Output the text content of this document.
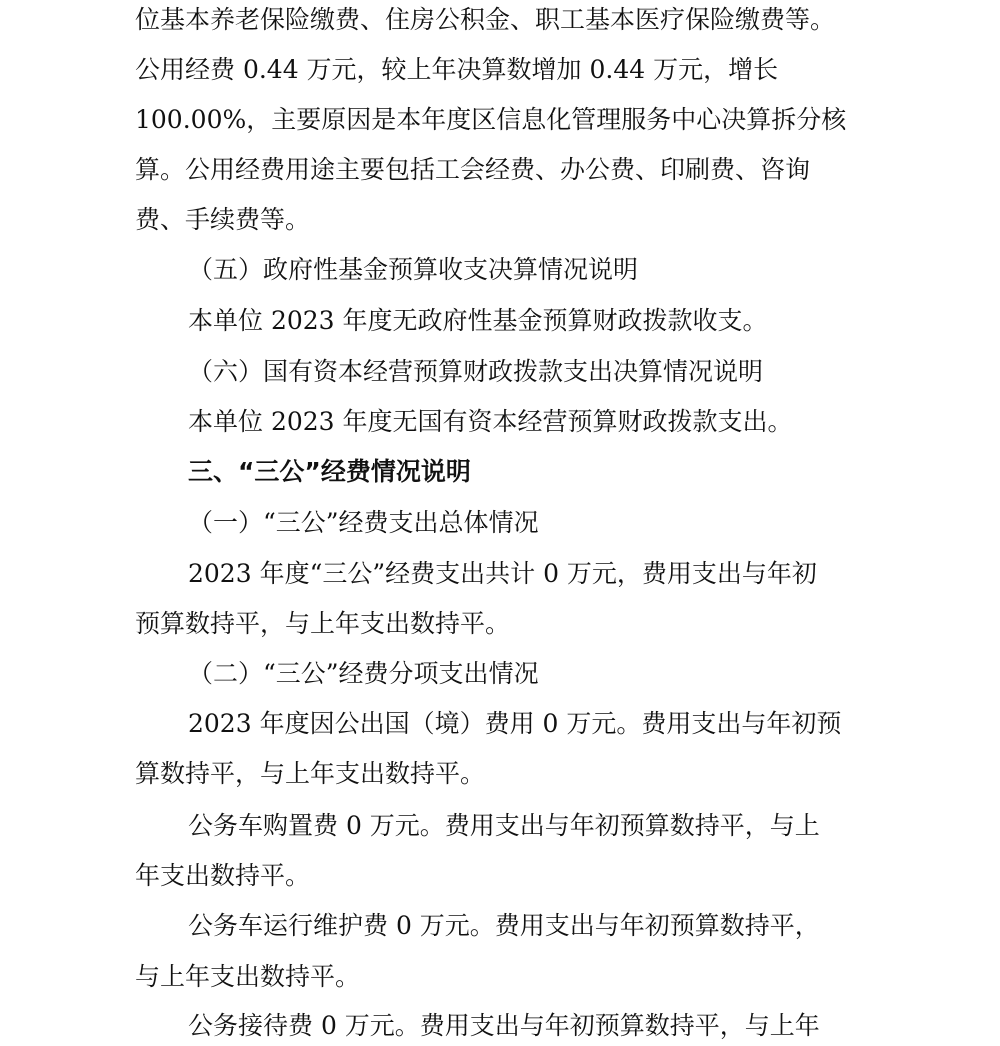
位基本养老保险缴费、住房公积金、职工基本医疗保险缴费等。
公用经费 0.44 万元，较上年决算数增加 0.44 万元，增长
100.00%，主要原因是本年度区信息化管理服务中心决算拆分核
算。公用经费用途主要包括工会经费、办公费、印刷费、咨询
费、手续费等。
（五）政府性基金预算收支决算情况说明
本单位 2023 年度无政府性基金预算财政拨款收支。
（六）国有资本经营预算财政拨款支出决算情况说明
本单位 2023 年度无国有资本经营预算财政拨款支出。
三、“三公”经费情况说明
（一）“三公”经费支出总体情况
2023 年度“三公”经费支出共计 0 万元，费用支出与年初
预算数持平，与上年支出数持平。
（二）“三公”经费分项支出情况
2023 年度因公出国（境）费用 0 万元。费用支出与年初预
算数持平，与上年支出数持平。
公务车购置费 0 万元。费用支出与年初预算数持平，与上
年支出数持平。
公务车运行维护费 0 万元。费用支出与年初预算数持平，
与上年支出数持平。
公务接待费 0 万元。费用支出与年初预算数持平，与上年
